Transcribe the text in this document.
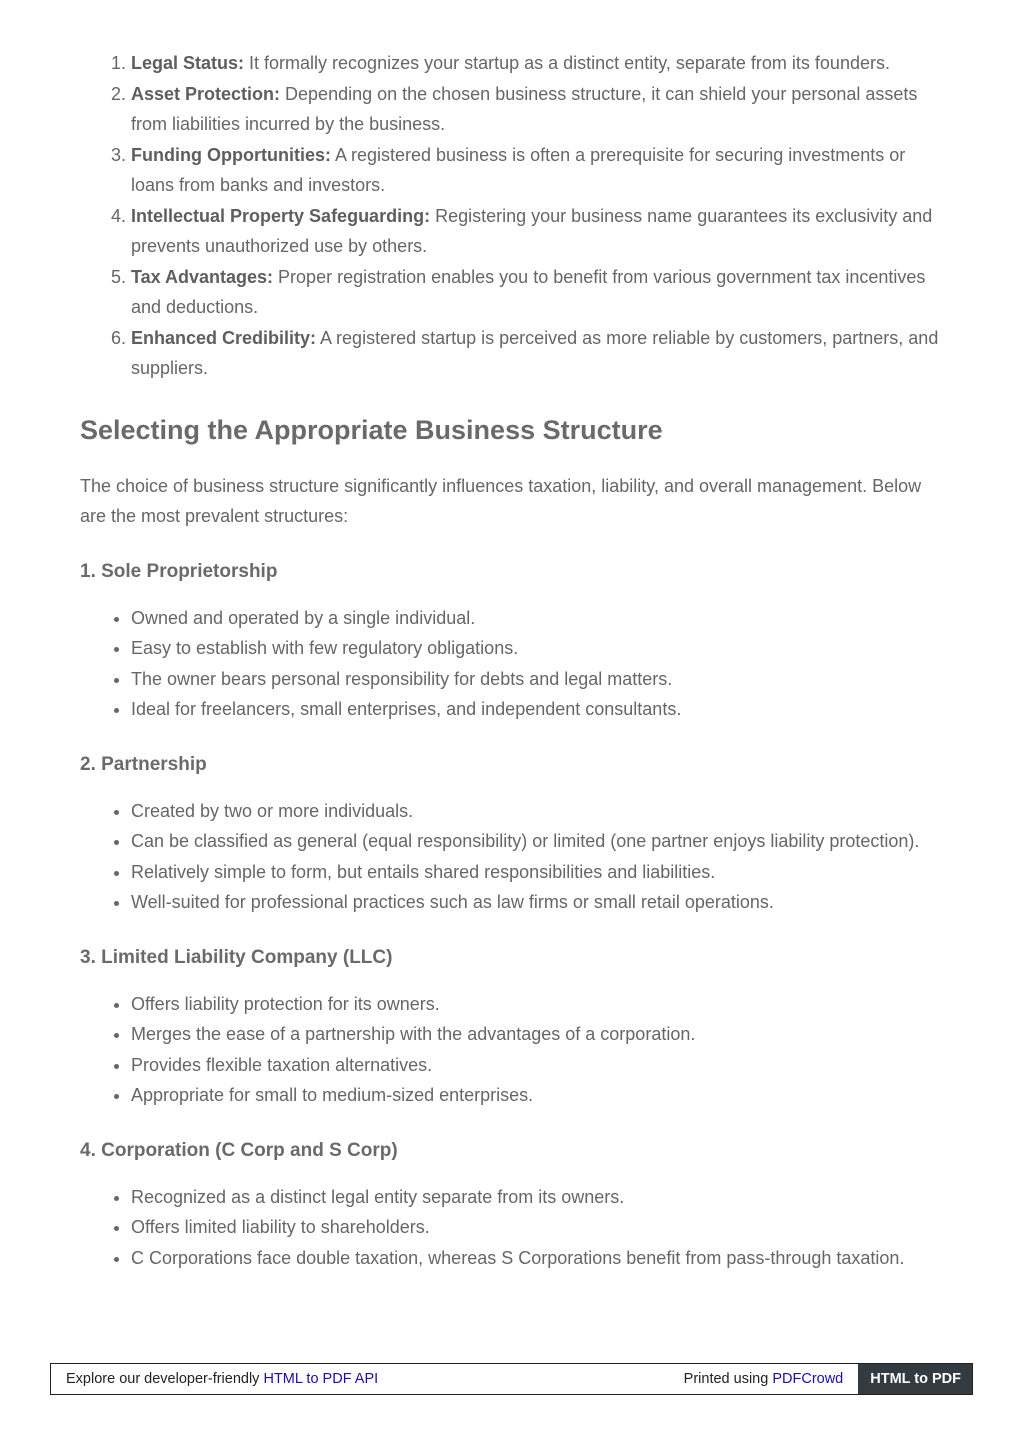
1. Legal Status: It formally recognizes your startup as a distinct entity, separate from its founders.
2. Asset Protection: Depending on the chosen business structure, it can shield your personal assets from liabilities incurred by the business.
3. Funding Opportunities: A registered business is often a prerequisite for securing investments or loans from banks and investors.
4. Intellectual Property Safeguarding: Registering your business name guarantees its exclusivity and prevents unauthorized use by others.
5. Tax Advantages: Proper registration enables you to benefit from various government tax incentives and deductions.
6. Enhanced Credibility: A registered startup is perceived as more reliable by customers, partners, and suppliers.
Selecting the Appropriate Business Structure

The choice of business structure significantly influences taxation, liability, and overall management. Below are the most prevalent structures:

1. Sole Proprietorship
• Owned and operated by a single individual.
• Easy to establish with few regulatory obligations.
• The owner bears personal responsibility for debts and legal matters.
• Ideal for freelancers, small enterprises, and independent consultants.
2. Partnership
• Created by two or more individuals.
• Can be classified as general (equal responsibility) or limited (one partner enjoys liability protection).
• Relatively simple to form, but entails shared responsibilities and liabilities.
• Well-suited for professional practices such as law firms or small retail operations.
3. Limited Liability Company (LLC)
• Offers liability protection for its owners.
• Merges the ease of a partnership with the advantages of a corporation.
• Provides flexible taxation alternatives.
• Appropriate for small to medium-sized enterprises.
4. Corporation (C Corp and S Corp)
• Recognized as a distinct legal entity separate from its owners.
• Offers limited liability to shareholders.
• C Corporations face double taxation, whereas S Corporations benefit from pass-through taxation.
Explore our developer-friendly HTML to PDF API	Printed using PDFCrowd	HTML to PDF
